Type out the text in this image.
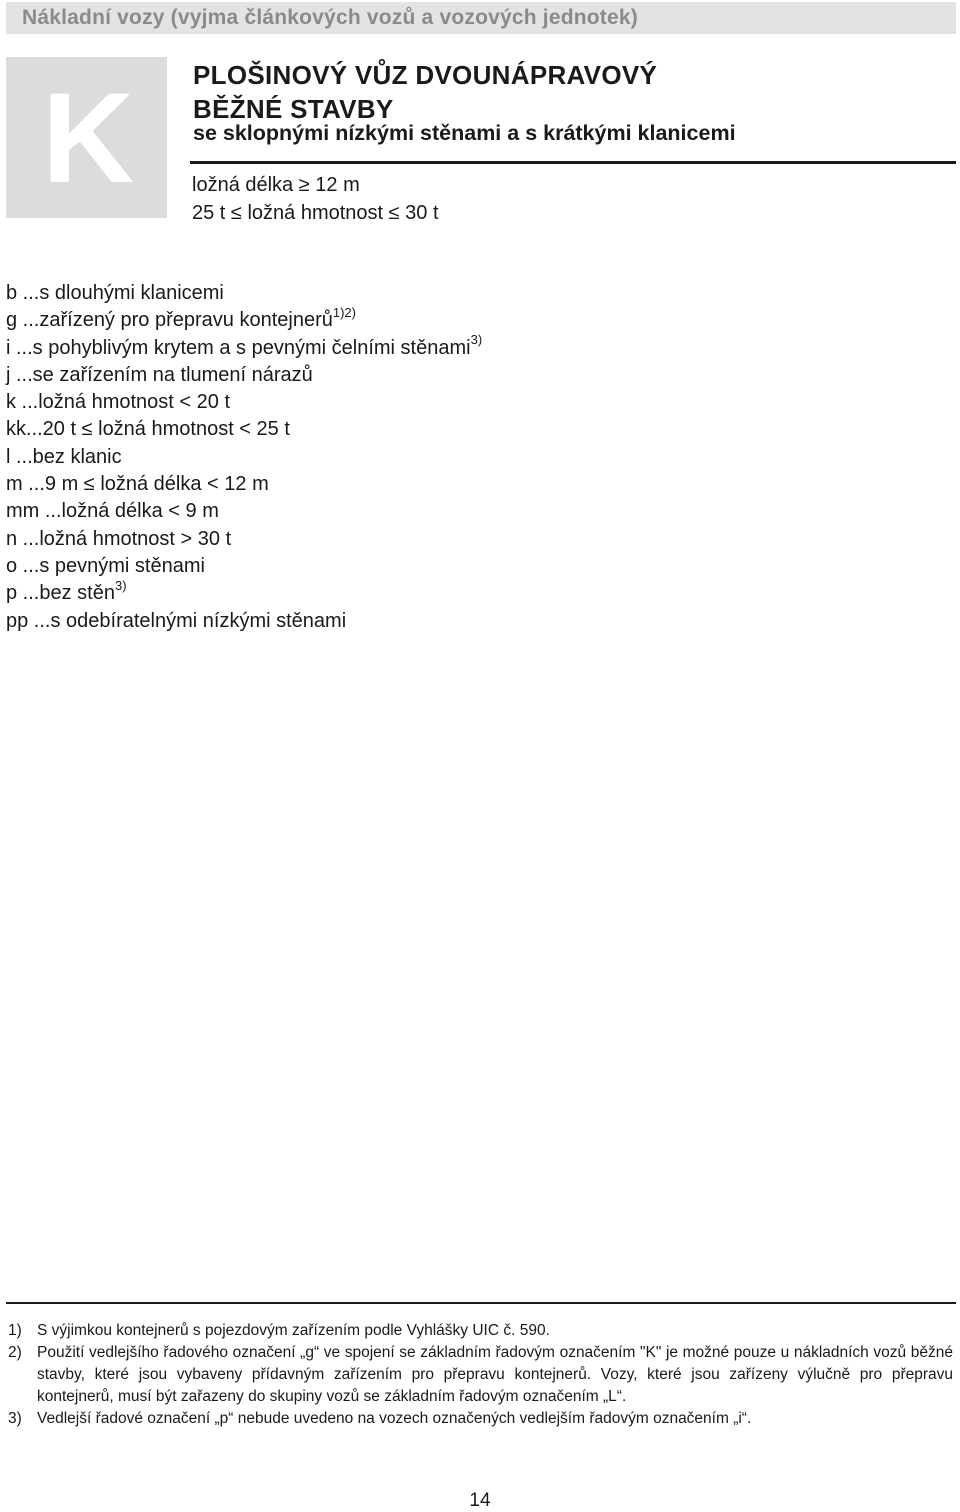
Nákladní vozy (vyjma článkových vozů a vozových jednotek)
K PLOŠINOVÝ VŮZ DVOUNÁPRAVOVÝ
BĚŽNÉ STAVBY
se sklopnými nízkými stěnami a s krátkými klanicemi
ložná délka ≥ 12 m
25 t ≤ ložná hmotnost ≤ 30 t
b ...s dlouhými klanicemi
g ...zařízený pro přepravu kontejnerů$^{1)2)}$
i ...s pohyblivým krytem a s pevnými čelními stěnami$^{3)}$
j ...se zařízením na tlumení nárazů
k ...ložná hmotnost < 20 t
kk...20 t ≤ ložná hmotnost < 25 t
l ...bez klanic
m ...9 m ≤ ložná délka < 12 m
mm ...ložná délka < 9 m
n ...ložná hmotnost > 30 t
o ...s pevnými stěnami
p ...bez stěn$^{3)}$
pp ...s odebíratelnými nízkými stěnami
1) S výjimkou kontejnerů s pojezdovým zařízením podle Vyhlášky UIC č. 590.
2) Použití vedlejšího řadového označení „g“ ve spojení se základním řadovým označením "K" je možné pouze u nákladních vozů běžné stavby, které jsou vybaveny přídavným zařízením pro přepravu kontejnerů. Vozy, které jsou zařízeny výlučně pro přepravu kontejnerů, musí být zařazeny do skupiny vozů se základním řadovým označením „L“.
3) Vedlejší řadové označení „p“ nebude uvedeno na vozech označených vedlejším řadovým označením „i“.
14
